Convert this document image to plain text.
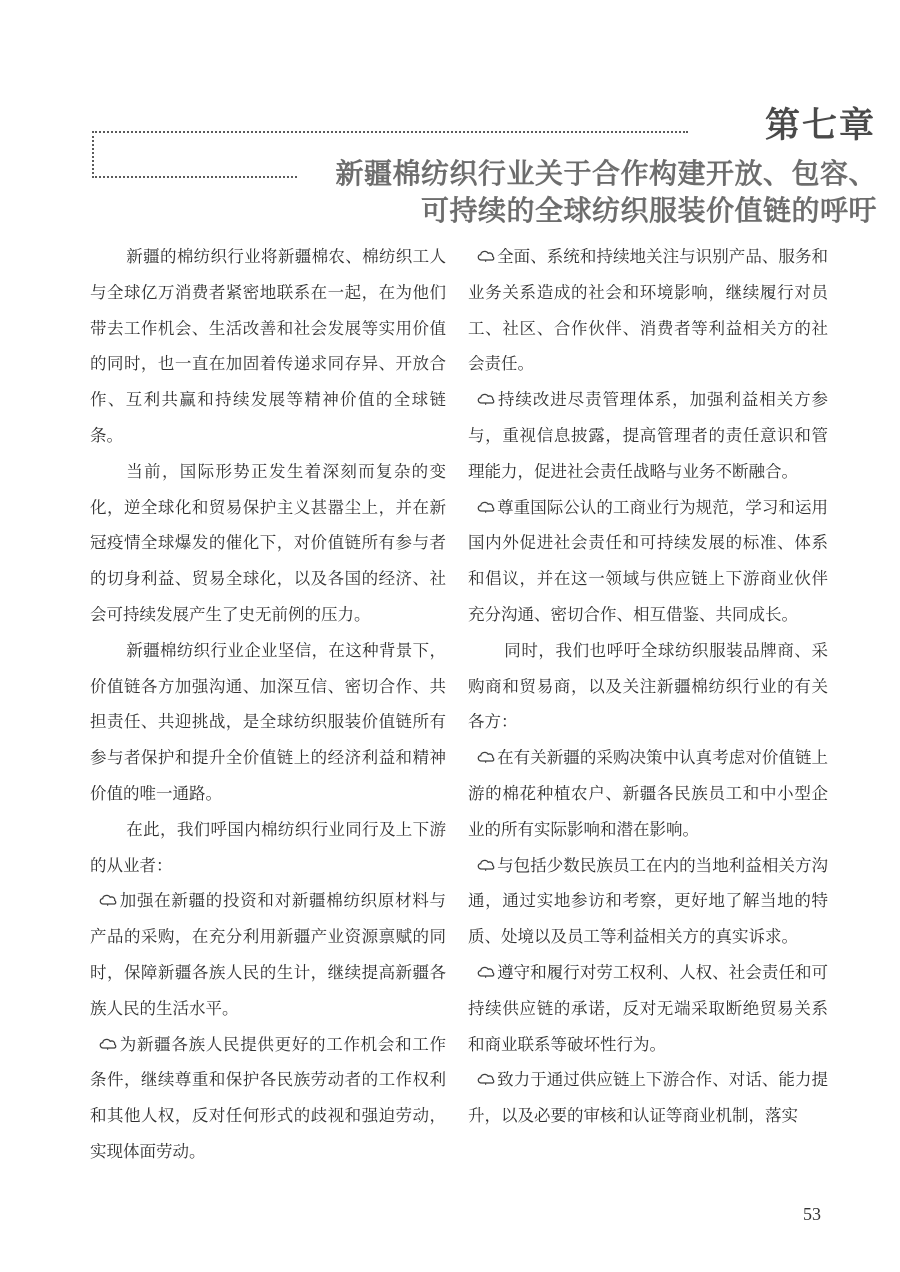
第七章
新疆棉纺织行业关于合作构建开放、包容、
可持续的全球纺织服装价值链的呼吁

新疆的棉纺织行业将新疆棉农、棉纺织工人与全球亿万消费者紧密地联系在一起，在为他们带去工作机会、生活改善和社会发展等实用价值的同时，也一直在加固着传递求同存异、开放合作、互利共赢和持续发展等精神价值的全球链条。

当前，国际形势正发生着深刻而复杂的变化，逆全球化和贸易保护主义甚嚣尘上，并在新冠疫情全球爆发的催化下，对价值链所有参与者的切身利益、贸易全球化，以及各国的经济、社会可持续发展产生了史无前例的压力。

新疆棉纺织行业企业坚信，在这种背景下，价值链各方加强沟通、加深互信、密切合作、共担责任、共迎挑战，是全球纺织服装价值链所有参与者保护和提升全价值链上的经济利益和精神价值的唯一通路。

在此，我们呼国内棉纺织行业同行及上下游的从业者：

加强在新疆的投资和对新疆棉纺织原材料与产品的采购，在充分利用新疆产业资源禀赋的同时，保障新疆各族人民的生计，继续提高新疆各族人民的生活水平。

为新疆各族人民提供更好的工作机会和工作条件，继续尊重和保护各民族劳动者的工作权利和其他人权，反对任何形式的歧视和强迫劳动，实现体面劳动。

全面、系统和持续地关注与识别产品、服务和业务关系造成的社会和环境影响，继续履行对员工、社区、合作伙伴、消费者等利益相关方的社会责任。

持续改进尽责管理体系，加强利益相关方参与，重视信息披露，提高管理者的责任意识和管理能力，促进社会责任战略与业务不断融合。

尊重国际公认的工商业行为规范，学习和运用国内外促进社会责任和可持续发展的标准、体系和倡议，并在这一领域与供应链上下游商业伙伴充分沟通、密切合作、相互借鉴、共同成长。

同时，我们也呼吁全球纺织服装品牌商、采购商和贸易商，以及关注新疆棉纺织行业的有关各方：

在有关新疆的采购决策中认真考虑对价值链上游的棉花种植农户、新疆各民族员工和中小型企业的所有实际影响和潜在影响。

与包括少数民族员工在内的当地利益相关方沟通，通过实地参访和考察，更好地了解当地的特质、处境以及员工等利益相关方的真实诉求。

遵守和履行对劳工权利、人权、社会责任和可持续供应链的承诺，反对无端采取断绝贸易关系和商业联系等破坏性行为。

致力于通过供应链上下游合作、对话、能力提升，以及必要的审核和认证等商业机制，落实

53
